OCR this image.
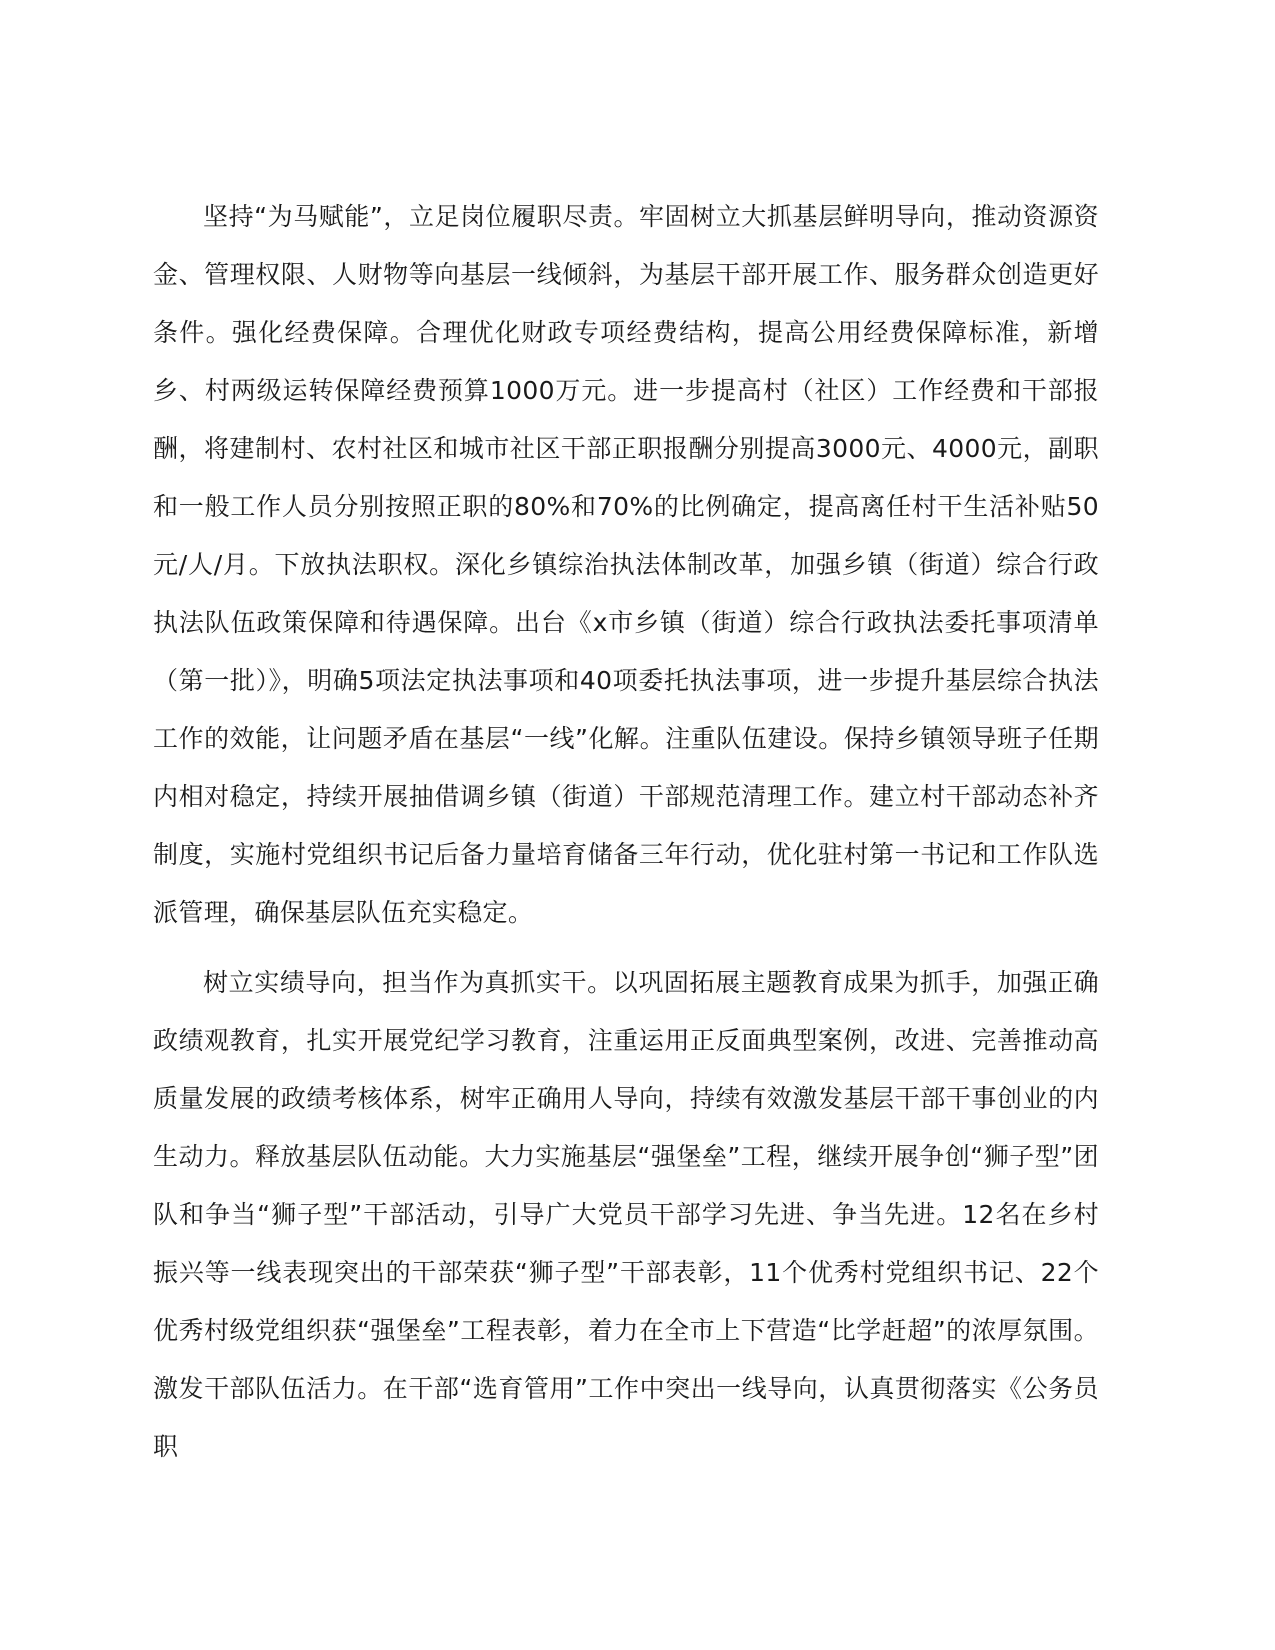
坚持“为马赋能”，立足岗位履职尽责。牢固树立大抓基层鲜明导向，推动资源资金、管理权限、人财物等向基层一线倾斜，为基层干部开展工作、服务群众创造更好条件。强化经费保障。合理优化财政专项经费结构，提高公用经费保障标准，新增乡、村两级运转保障经费预算1000万元。进一步提高村（社区）工作经费和干部报酬，将建制村、农村社区和城市社区干部正职报酬分别提高3000元、4000元，副职和一般工作人员分别按照正职的80%和70%的比例确定，提高离任村干生活补贴50元/人/月。下放执法职权。深化乡镇综治执法体制改革，加强乡镇（街道）综合行政执法队伍政策保障和待遇保障。出台《x市乡镇（街道）综合行政执法委托事项清单（第一批）》，明确5项法定执法事项和40项委托执法事项，进一步提升基层综合执法工作的效能，让问题矛盾在基层“一线”化解。注重队伍建设。保持乡镇领导班子任期内相对稳定，持续开展抽借调乡镇（街道）干部规范清理工作。建立村干部动态补齐制度，实施村党组织书记后备力量培育储备三年行动，优化驻村第一书记和工作队选派管理，确保基层队伍充实稳定。

树立实绩导向，担当作为真抓实干。以巩固拓展主题教育成果为抓手，加强正确政绩观教育，扎实开展党纪学习教育，注重运用正反面典型案例，改进、完善推动高质量发展的政绩考核体系，树牢正确用人导向，持续有效激发基层干部干事创业的内生动力。释放基层队伍动能。大力实施基层“强堡垒”工程，继续开展争创“狮子型”团队和争当“狮子型”干部活动，引导广大党员干部学习先进、争当先进。12名在乡村振兴等一线表现突出的干部荣获“狮子型”干部表彰，11个优秀村党组织书记、22个优秀村级党组织获“强堡垒”工程表彰，着力在全市上下营造“比学赶超”的浓厚氛围。激发干部队伍活力。在干部“选育管用”工作中突出一线导向，认真贯彻落实《公务员职
